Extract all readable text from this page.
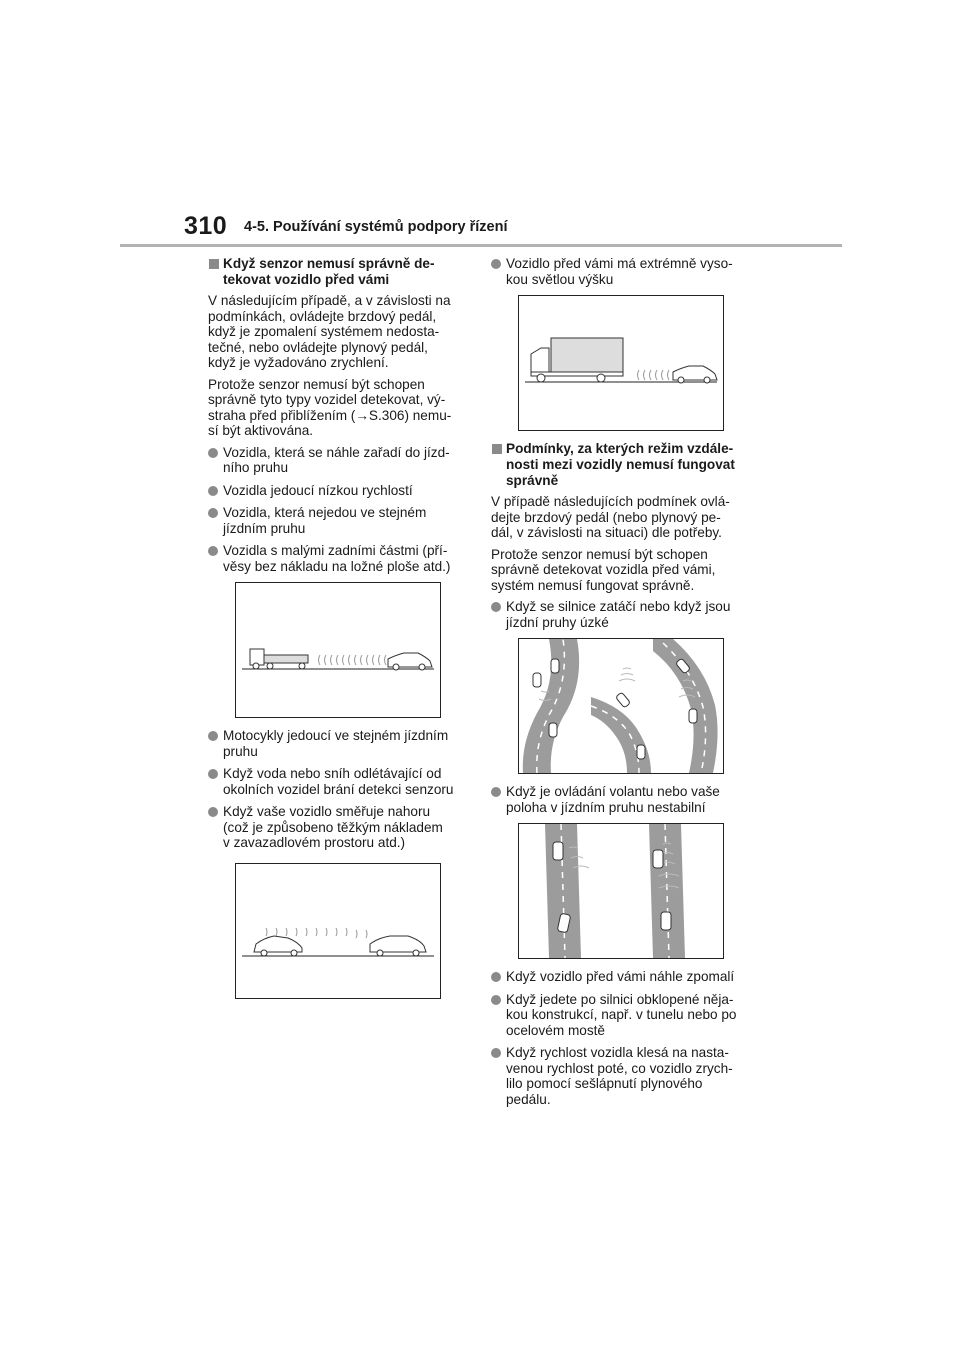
310 4-5. Používání systémů podpory řízení
Když senzor nemusí správně de-
tekovat vozidlo před vámi

V následujícím případě, a v závislosti na
podmínkách, ovládejte brzdový pedál,
když je zpomalení systémem nedosta-
tečné, nebo ovládejte plynový pedál,
když je vyžadováno zrychlení.

Protože senzor nemusí být schopen
správně tyto typy vozidel detekovat, vý-
straha před přiblížením (→S.306) nemu-
sí být aktivována.

Vozidla, která se náhle zařadí do jízd-
ního pruhu
Vozidla jedoucí nízkou rychlostí
Vozidla, která nejedou ve stejném
jízdním pruhu
Vozidla s malými zadními částmi (pří-
věsy bez nákladu na ložné ploše atd.)
Motocykly jedoucí ve stejném jízdním
pruhu
Když voda nebo sníh odlétávající od
okolních vozidel brání detekci senzoru
Když vaše vozidlo směřuje nahoru
(což je způsobeno těžkým nákladem
v zavazadlovém prostoru atd.)
Vozidlo před vámi má extrémně vyso-
kou světlou výšku
Podmínky, za kterých režim vzdále-
nosti mezi vozidly nemusí fungovat
správně

V případě následujících podmínek ovlá-
dejte brzdový pedál (nebo plynový pe-
dál, v závislosti na situaci) dle potřeby.

Protože senzor nemusí být schopen
správně detekovat vozidla před vámi,
systém nemusí fungovat správně.

Když se silnice zatáčí nebo když jsou
jízdní pruhy úzké
Když je ovládání volantu nebo vaše
poloha v jízdním pruhu nestabilní
Když vozidlo před vámi náhle zpomalí
Když jedete po silnici obklopené něja-
kou konstrukcí, např. v tunelu nebo po
ocelovém mostě
Když rychlost vozidla klesá na nasta-
venou rychlost poté, co vozidlo zrych-
lilo pomocí sešlápnutí plynového
pedálu.
